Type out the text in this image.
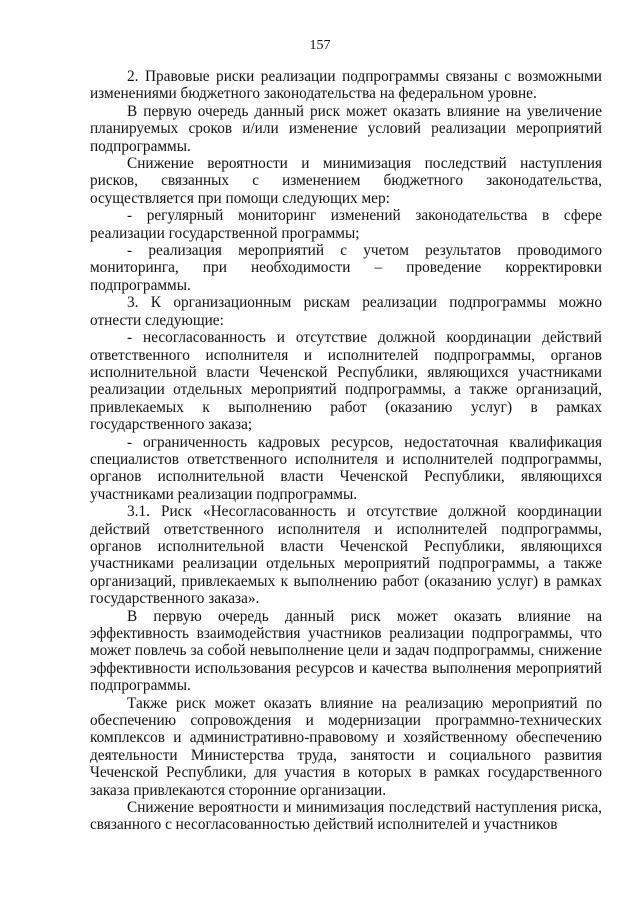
157

2. Правовые риски реализации подпрограммы связаны с возможными изменениями бюджетного законодательства на федеральном уровне.

В первую очередь данный риск может оказать влияние на увеличение планируемых сроков и/или изменение условий реализации мероприятий подпрограммы.

Снижение вероятности и минимизация последствий наступления рисков, связанных с изменением бюджетного законодательства, осуществляется при помощи следующих мер:

- регулярный мониторинг изменений законодательства в сфере реализации государственной программы;

- реализация мероприятий с учетом результатов проводимого мониторинга, при необходимости – проведение корректировки подпрограммы.

3. К организационным рискам реализации подпрограммы можно отнести следующие:

- несогласованность и отсутствие должной координации действий ответственного исполнителя и исполнителей подпрограммы, органов исполнительной власти Чеченской Республики, являющихся участниками реализации отдельных мероприятий подпрограммы, а также организаций, привлекаемых к выполнению работ (оказанию услуг) в рамках государственного заказа;

- ограниченность кадровых ресурсов, недостаточная квалификация специалистов ответственного исполнителя и исполнителей подпрограммы, органов исполнительной власти Чеченской Республики, являющихся участниками реализации подпрограммы.

3.1. Риск «Несогласованность и отсутствие должной координации действий ответственного исполнителя и исполнителей подпрограммы, органов исполнительной власти Чеченской Республики, являющихся участниками реализации отдельных мероприятий подпрограммы, а также организаций, привлекаемых к выполнению работ (оказанию услуг) в рамках государственного заказа».

В первую очередь данный риск может оказать влияние на эффективность взаимодействия участников реализации подпрограммы, что может повлечь за собой невыполнение цели и задач подпрограммы, снижение эффективности использования ресурсов и качества выполнения мероприятий подпрограммы.

Также риск может оказать влияние на реализацию мероприятий по обеспечению сопровождения и модернизации программно-технических комплексов и административно-правовому и хозяйственному обеспечению деятельности Министерства труда, занятости и социального развития Чеченской Республики, для участия в которых в рамках государственного заказа привлекаются сторонние организации.

Снижение вероятности и минимизация последствий наступления риска, связанного с несогласованностью действий исполнителей и участников
